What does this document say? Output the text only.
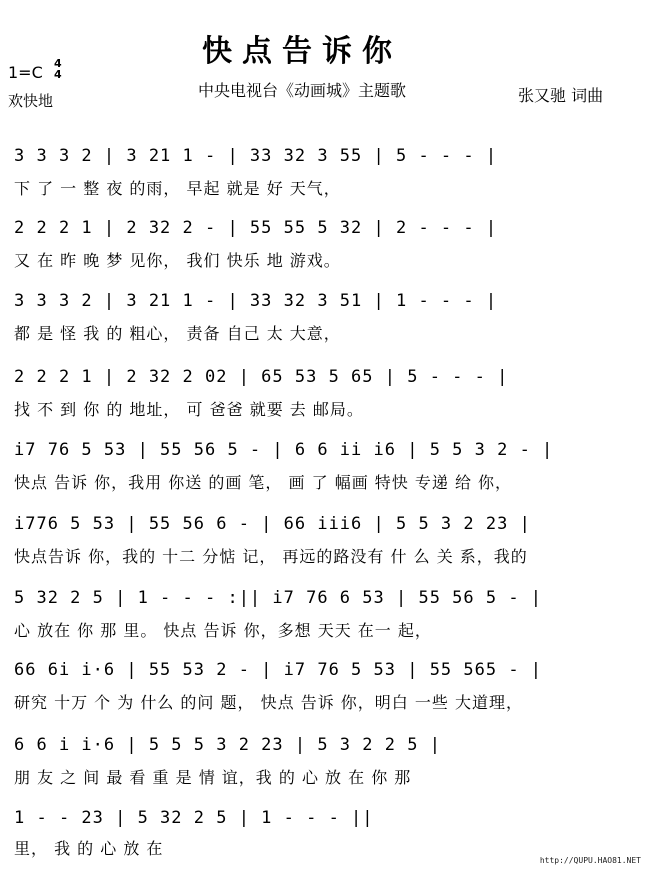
快点告诉你
1=C 4
4
欢快地
中央电视台《动画城》主题歌	张又驰 词曲
3 3 3 2 | 3 21 1 - | 33 32 3 55 | 5 - - - |
下 了 一 整 夜 的雨， 早起 就是 好 天气，
2 2 2 1 | 2 32 2 - | 55 55 5 32 | 2 - - - |
又 在 昨 晚 梦 见你， 我们 快乐 地 游戏。
3 3 3 2 | 3 21 1 - | 33 32 3 51 | 1 - - - |
都 是 怪 我 的 粗心， 责备 自己 太 大意，
2 2 2 1 | 2 32 2 02 | 65 53 5 65 | 5 - - - |
找 不 到 你 的 地址， 可 爸爸 就要 去 邮局。
i7 76 5 53 | 55 56 5 - | 6 6 ii i6 | 5 5 3 2 - |
快点 告诉 你，我用 你送 的画 笔， 画 了 幅画 特快 专递 给 你，
i776 5 53 | 55 56 6 - | 66 iii6 | 5 5 3 2 23 |
快点告诉 你，我的 十二 分惦 记， 再远的路没有 什 么 关 系，我的
5 32 2 5 | 1 - - - :|| i7 76 6 53 | 55 56 5 - |
心 放在 你 那 里。 快点 告诉 你，多想 天天 在一 起，
66 6i i·6 | 55 53 2 - | i7 76 5 53 | 55 565 - |
研究 十万 个 为 什么 的问 题， 快点 告诉 你，明白 一些 大道理，
6 6 i i·6 | 5 5 5 3 2 23 | 5 3 2 2 5 |
朋 友 之 间 最 看 重 是 情 谊，我 的 心 放 在 你 那
1 - - 23 | 5 32 2 5 | 1 - - - ||
里， 我 的 心 放 在
http://QUPU.HAO81.NET
